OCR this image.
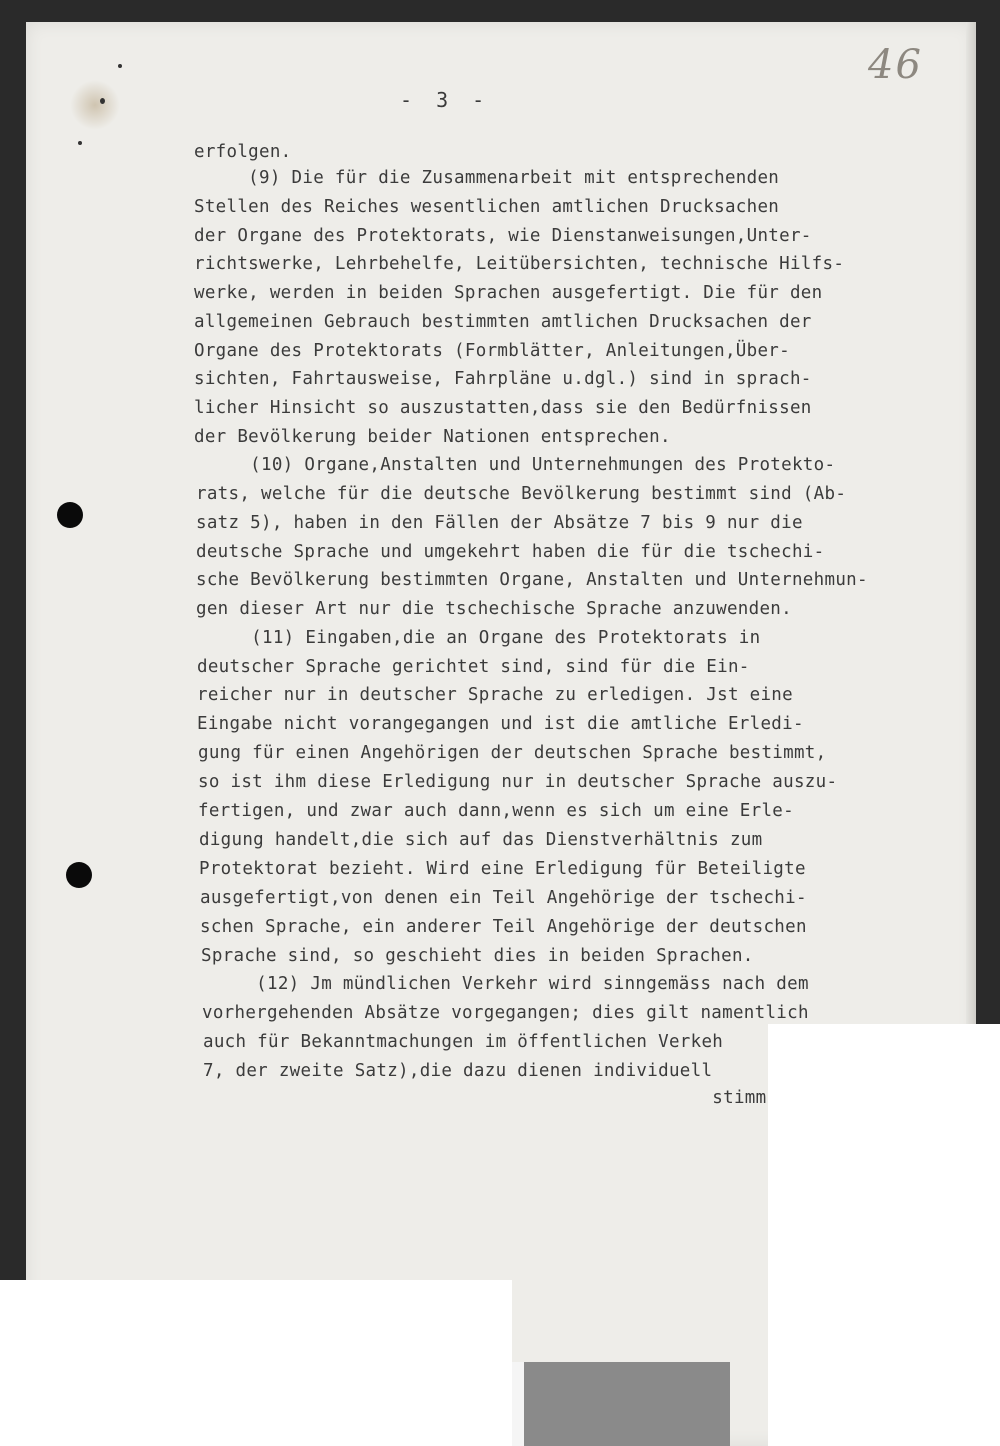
46
- 3 -

erfolgen.

(9) Die für die Zusammenarbeit mit entsprechenden

Stellen des Reiches wesentlichen amtlichen Drucksachen

der Organe des Protektorats, wie Dienstanweisungen,Unter-

richtswerke, Lehrbehelfe, Leitübersichten, technische Hilfs-

werke, werden in beiden Sprachen ausgefertigt. Die für den

allgemeinen Gebrauch bestimmten amtlichen Drucksachen der

Organe des Protektorats (Formblätter, Anleitungen,Über-

sichten, Fahrtausweise, Fahrpläne u.dgl.) sind in sprach-

licher Hinsicht so auszustatten,dass sie den Bedürfnissen

der Bevölkerung beider Nationen entsprechen.

(10) Organe,Anstalten und Unternehmungen des Protekto-

rats, welche für die deutsche Bevölkerung bestimmt sind (Ab-

satz 5), haben in den Fällen der Absätze 7 bis 9 nur die

deutsche Sprache und umgekehrt haben die für die tschechi-

sche Bevölkerung bestimmten Organe, Anstalten und Unternehmun-

gen dieser Art nur die tschechische Sprache anzuwenden.

(11) Eingaben,die an Organe des Protektorats in

deutscher Sprache gerichtet sind, sind für die Ein-

reicher nur in deutscher Sprache zu erledigen. Jst eine

Eingabe nicht vorangegangen und ist die amtliche Erledi-

gung für einen Angehörigen der deutschen Sprache bestimmt,

so ist ihm diese Erledigung nur in deutscher Sprache auszu-

fertigen, und zwar auch dann,wenn es sich um eine Erle-

digung handelt,die sich auf das Dienstverhältnis zum

Protektorat bezieht. Wird eine Erledigung für Beteiligte

ausgefertigt,von denen ein Teil Angehörige der tschechi-

schen Sprache, ein anderer Teil Angehörige der deutschen

Sprache sind, so geschieht dies in beiden Sprachen.

(12) Jm mündlichen Verkehr wird sinngemäss nach dem

vorhergehenden Absätze vorgegangen; dies gilt namentlich

auch für Bekanntmachungen im öffentlichen Verkeh

7, der zweite Satz),die dazu dienen individuell

stimm
